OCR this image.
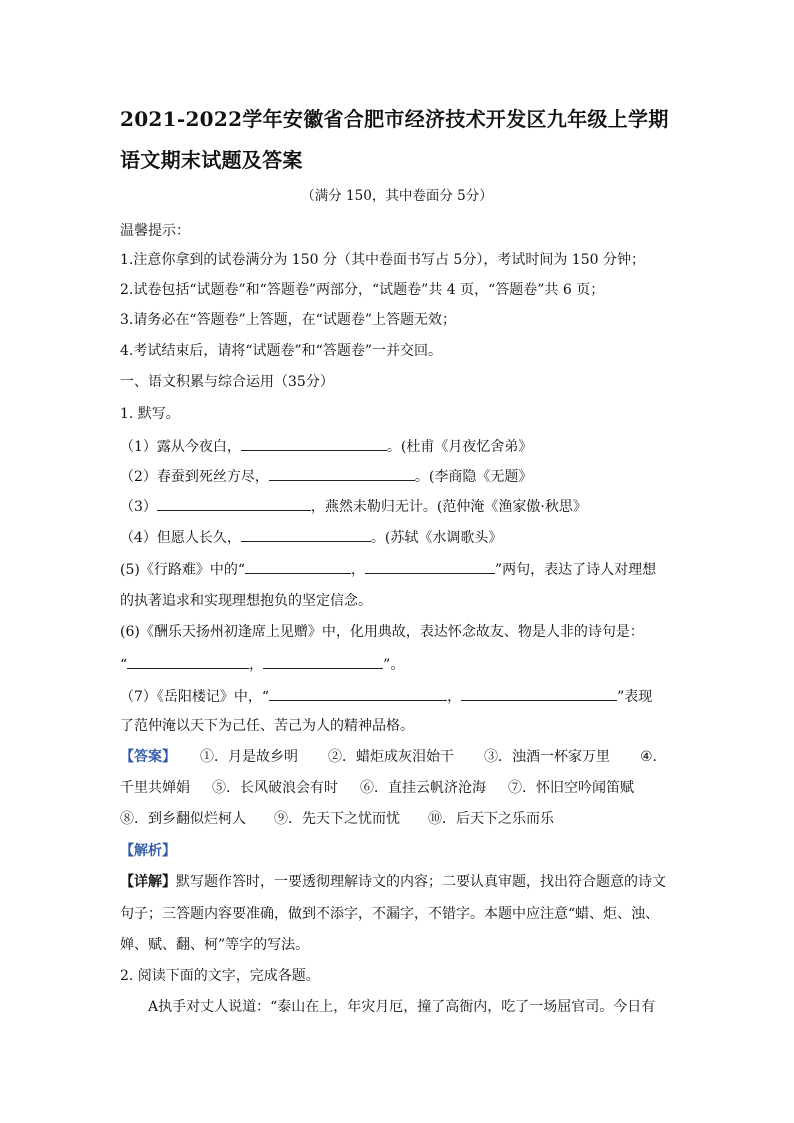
2021-2022学年安徽省合肥市经济技术开发区九年级上学期
语文期末试题及答案
（满分 150，其中卷面分 5分）
温馨提示：
1.注意你拿到的试卷满分为 150 分（其中卷面书写占 5分），考试时间为 150 分钟；
2.试卷包括“试题卷”和“答题卷”两部分，“试题卷”共 4 页，“答题卷”共 6 页；
3.请务必在“答题卷”上答题，在“试题卷”上答题无效；
4.考试结束后，请将“试题卷”和“答题卷”一并交回。
一、语文积累与综合运用（35分）
1. 默写。
（1）露从今夜白，	。(杜甫《月夜忆舍弟》
（2）春蚕到死丝方尽，	。(李商隐《无题》
（3）	，燕然未勒归无计。(范仲淹《渔家傲·秋思》
（4）但愿人长久，	。(苏轼《水调歌头》
(5)《行路难》中的“	，	”两句，表达了诗人对理想
的执著追求和实现理想抱负的坚定信念。
(6)《酬乐天扬州初逢席上见赠》中，化用典故，表达怀念故友、物是人非的诗句是：
“	，	”。
（7）《岳阳楼记》中，“	，	”表现
了范仲淹以天下为己任、苦己为人的精神品格。
【答案】 ①．月是故乡明 ②．蜡炬成灰泪始干 ③．浊酒一杯家万里 ④．
千里共婵娟 ⑤．长风破浪会有时 ⑥．直挂云帆济沧海 ⑦．怀旧空吟闻笛赋
⑧．到乡翻似烂柯人 ⑨．先天下之忧而忧 ⑩．后天下之乐而乐
【解析】
【详解】默写题作答时，一要透彻理解诗文的内容；二要认真审题，找出符合题意的诗文
句子；三答题内容要准确，做到不添字，不漏字，不错字。本题中应注意“蜡、炬、浊、
婵、赋、翻、柯”等字的写法。
2. 阅读下面的文字，完成各题。
A执手对丈人说道：“泰山在上，年灾月厄，撞了高衙内，吃了一场屈官司。今日有
